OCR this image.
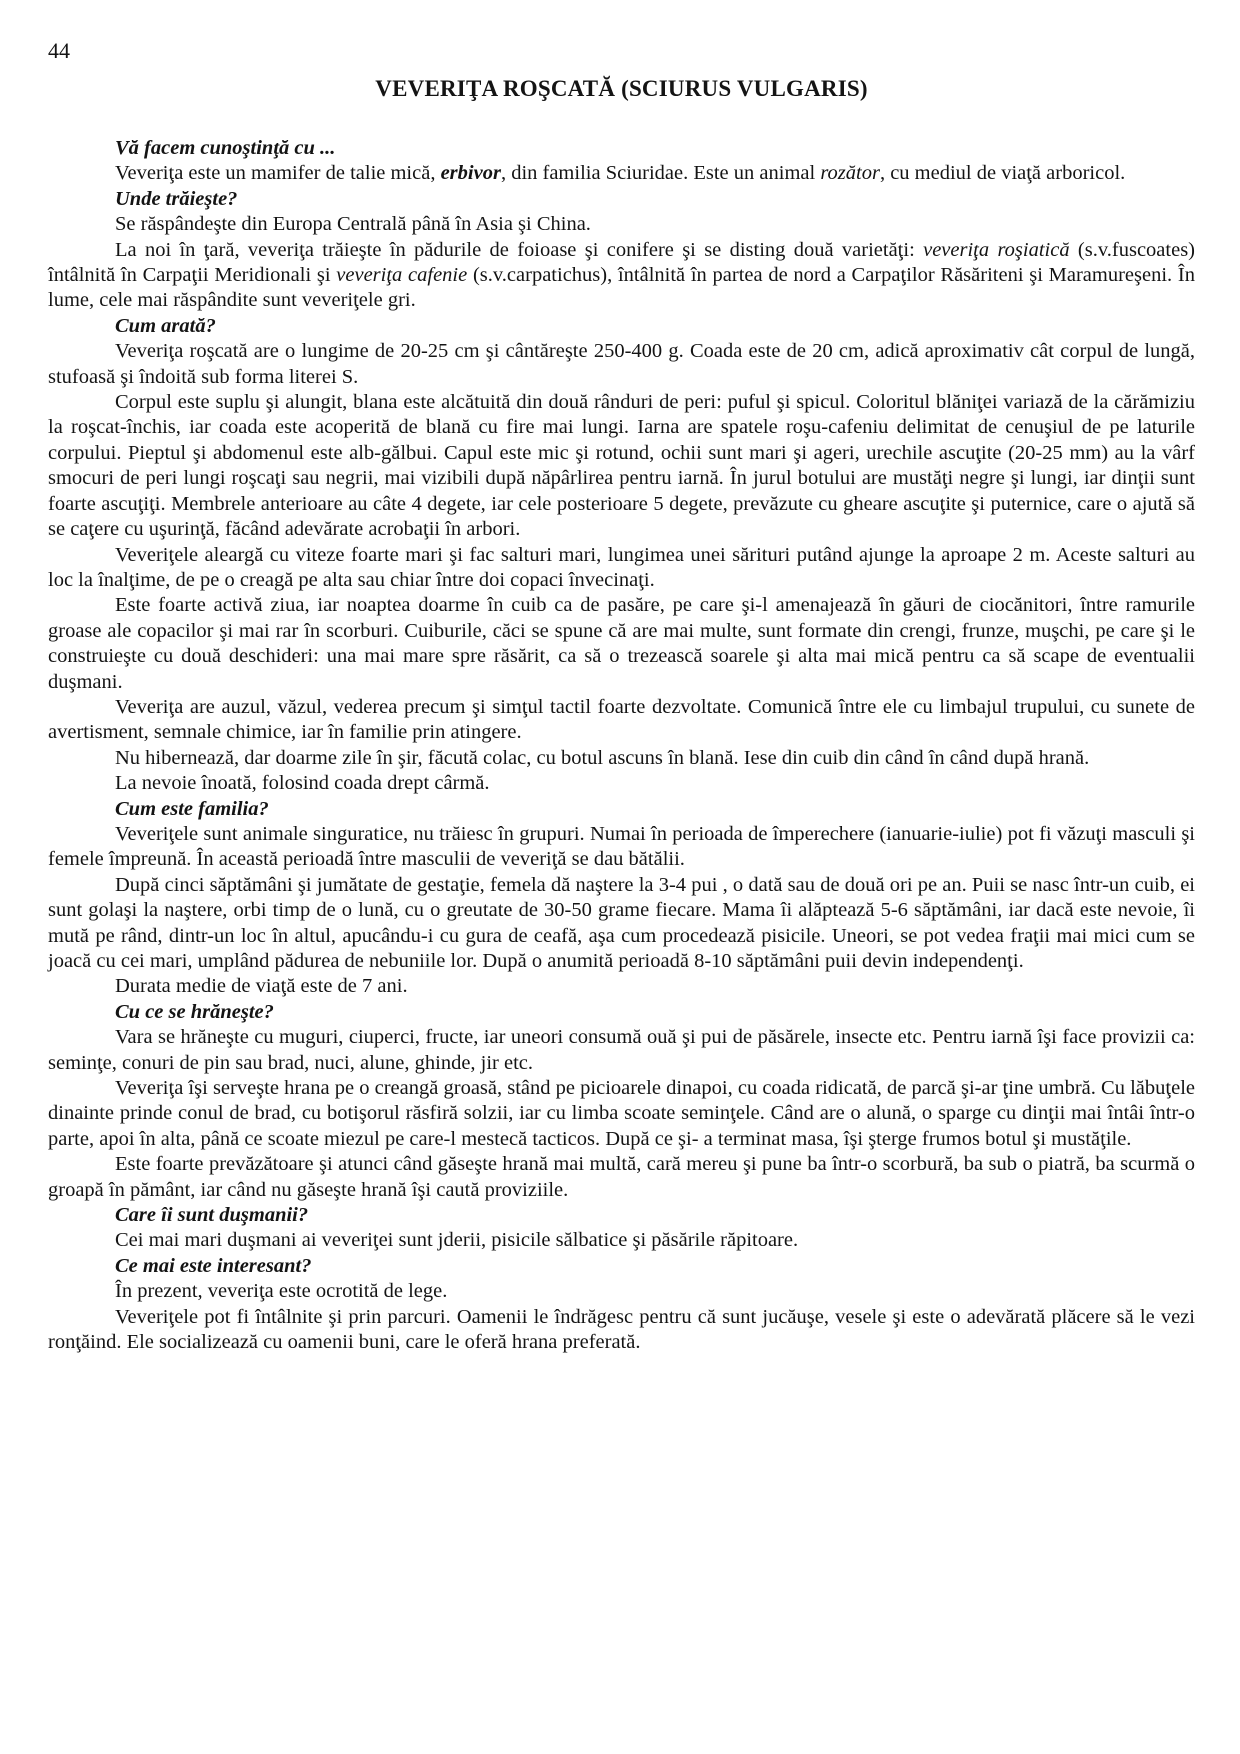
44
VEVERIŢA ROŞCATĂ (SCIURUS VULGARIS)

Vă facem cunoştinţă cu ...

Veveriţa este un mamifer de talie mică, erbivor, din familia Sciuridae. Este un animal rozător, cu mediul de viaţă arboricol.

Unde trăieşte?

Se răspândeşte din Europa Centrală până în Asia şi China.

La noi în ţară, veveriţa trăieşte în pădurile de foioase şi conifere şi se disting două varietăţi: veveriţa roşiatică (s.v.fuscoates) întâlnită în Carpaţii Meridionali şi veveriţa cafenie (s.v.carpatichus), întâlnită în partea de nord a Carpaţilor Răsăriteni şi Maramureşeni. În lume, cele mai răspândite sunt veveriţele gri.

Cum arată?

Veveriţa roşcată are o lungime de 20-25 cm şi cântăreşte 250-400 g. Coada este de 20 cm, adică aproximativ cât corpul de lungă, stufoasă şi îndoită sub forma literei S.

Corpul este suplu şi alungit, blana este alcătuită din două rânduri de peri: puful şi spicul. Coloritul blăniţei variază de la cărămiziu la roşcat-închis, iar coada este acoperită de blană cu fire mai lungi. Iarna are spatele roşu-cafeniu delimitat de cenuşiul de pe laturile corpului. Pieptul şi abdomenul este alb-gălbui. Capul este mic şi rotund, ochii sunt mari şi ageri, urechile ascuţite (20-25 mm) au la vârf smocuri de peri lungi roşcaţi sau negrii, mai vizibili după năpârlirea pentru iarnă. În jurul botului are mustăţi negre şi lungi, iar dinţii sunt foarte ascuţiţi. Membrele anterioare au câte 4 degete, iar cele posterioare 5 degete, prevăzute cu gheare ascuţite şi puternice, care o ajută să se caţere cu uşurinţă, făcând adevărate acrobaţii în arbori.

Veveriţele aleargă cu viteze foarte mari şi fac salturi mari, lungimea unei sărituri putând ajunge la aproape 2 m. Aceste salturi au loc la înalţime, de pe o creagă pe alta sau chiar între doi copaci învecinaţi.

Este foarte activă ziua, iar noaptea doarme în cuib ca de pasăre, pe care şi-l amenajează în găuri de ciocănitori, între ramurile groase ale copacilor şi mai rar în scorburi. Cuiburile, căci se spune că are mai multe, sunt formate din crengi, frunze, muşchi, pe care şi le construieşte cu două deschideri: una mai mare spre răsărit, ca să o trezească soarele şi alta mai mică pentru ca să scape de eventualii duşmani.

Veveriţa are auzul, văzul, vederea precum şi simţul tactil foarte dezvoltate. Comunică între ele cu limbajul trupului, cu sunete de avertisment, semnale chimice, iar în familie prin atingere.

Nu hibernează, dar doarme zile în şir, făcută colac, cu botul ascuns în blană. Iese din cuib din când în când după hrană.

La nevoie înoată, folosind coada drept cârmă.

Cum este familia?

Veveriţele sunt animale singuratice, nu trăiesc în grupuri. Numai în perioada de împerechere (ianuarie-iulie) pot fi văzuţi masculi şi femele împreună. În această perioadă între masculii de veveriţă se dau bătălii.

După cinci săptămâni şi jumătate de gestaţie, femela dă naştere la 3-4 pui , o dată sau de două ori pe an. Puii se nasc într-un cuib, ei sunt golaşi la naştere, orbi timp de o lună, cu o greutate de 30-50 grame fiecare. Mama îi alăptează 5-6 săptămâni, iar dacă este nevoie, îi mută pe rând, dintr-un loc în altul, apucându-i cu gura de ceafă, aşa cum procedează pisicile. Uneori, se pot vedea fraţii mai mici cum se joacă cu cei mari, umplând pădurea de nebuniile lor. După o anumită perioadă 8-10 săptămâni puii devin independenţi.

Durata medie de viaţă este de 7 ani.

Cu ce se hrăneşte?

Vara se hrăneşte cu muguri, ciuperci, fructe, iar uneori consumă ouă şi pui de păsărele, insecte etc. Pentru iarnă îşi face provizii ca: seminţe, conuri de pin sau brad, nuci, alune, ghinde, jir etc.

Veveriţa îşi serveşte hrana pe o creangă groasă, stând pe picioarele dinapoi, cu coada ridicată, de parcă şi-ar ţine umbră. Cu lăbuţele dinainte prinde conul de brad, cu botişorul răsfiră solzii, iar cu limba scoate seminţele. Când are o alună, o sparge cu dinţii mai întâi într-o parte, apoi în alta, până ce scoate miezul pe care-l mestecă tacticos. După ce şi- a terminat masa, îşi şterge frumos botul şi mustăţile.

Este foarte prevăzătoare şi atunci când găseşte hrană mai multă, cară mereu şi pune ba într-o scorbură, ba sub o piatră, ba scurmă o groapă în pământ, iar când nu găseşte hrană îşi caută proviziile.

Care îi sunt duşmanii?

Cei mai mari duşmani ai veveriţei sunt jderii, pisicile sălbatice şi păsările răpitoare.

Ce mai este interesant?

În prezent, veveriţa este ocrotită de lege.

Veveriţele pot fi întâlnite şi prin parcuri. Oamenii le îndrăgesc pentru că sunt jucăuşe, vesele şi este o adevărată plăcere să le vezi ronţăind. Ele socializează cu oamenii buni, care le oferă hrana preferată.
